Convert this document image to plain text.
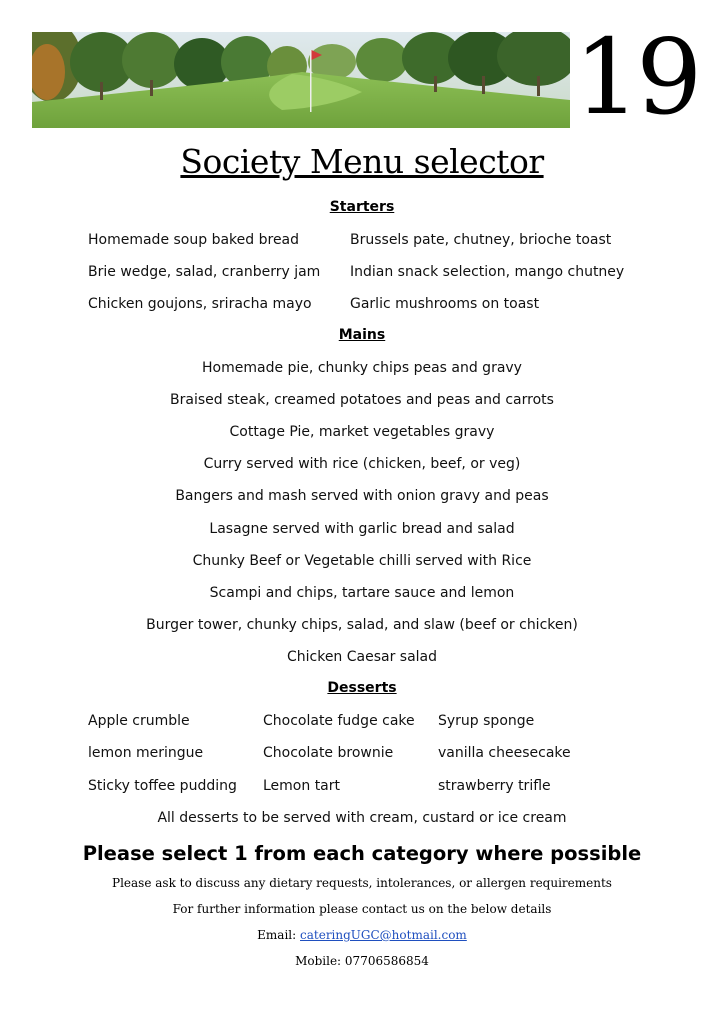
19
Society Menu selector
Starters
Homemade soup baked bread
Brie wedge, salad, cranberry jam
Chicken goujons, sriracha mayo
Brussels pate, chutney, brioche toast
Indian snack selection, mango chutney
Garlic mushrooms on toast
Mains
Homemade pie, chunky chips peas and gravy
Braised steak, creamed potatoes and peas and carrots
Cottage Pie, market vegetables gravy
Curry served with rice (chicken, beef, or veg)
Bangers and mash served with onion gravy and peas
Lasagne served with garlic bread and salad
Chunky Beef or Vegetable chilli served with Rice
Scampi and chips, tartare sauce and lemon
Burger tower, chunky chips, salad, and slaw (beef or chicken)
Chicken Caesar salad
Desserts
Apple crumble
lemon meringue
Sticky toffee pudding
Chocolate fudge cake
Chocolate brownie
Lemon tart
Syrup sponge
vanilla cheesecake
strawberry trifle
All desserts to be served with cream, custard or ice cream
Please select 1 from each category where possible
Please ask to discuss any dietary requests, intolerances, or allergen requirements
For further information please contact us on the below details
Email: cateringUGC@hotmail.com
Mobile: 07706586854
